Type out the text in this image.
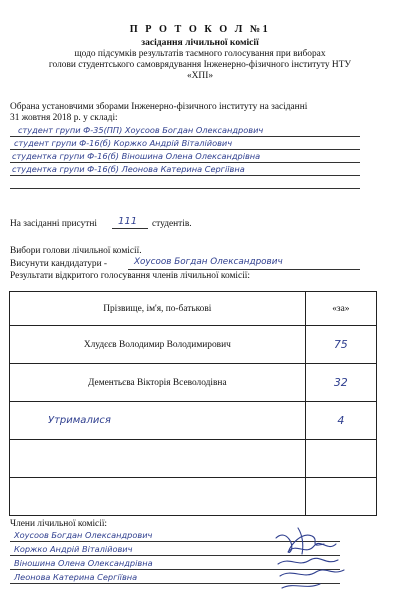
П Р О Т О К О Л №1
засідання лічильної комісії
щодо підсумків результатів таємного голосування при виборах
голови студентського самоврядування Інженерно-фізичного інституту НТУ
«ХПІ»
Обрана установчими зборами Інженерно-фізичного інституту на засіданні
31 жовтня 2018 р. у складі:
студент групи Ф-35(ПП) Хоусоов Богдан Олександрович
студент групи Ф-16(б) Коржко Андрій Віталійович
студентка групи Ф-16(б) Віношина Олена Олександрівна
студентка групи Ф-16(б) Леонова Катерина Сергіївна
На засіданні присутні 111 студентів.
Вибори голови лічильної комісії.
Висунути кандидатури -	Хоусоов Богдан Олександрович
Результати відкритого голосування членів лічильної комісії:
Прізвище, ім'я, по-батькові	«за»
Хлудєєв Володимир Володимирович	75
Дементьєва Вікторія Всеволодівна	32
Утрималися	4

Члени лічильної комісії:
Хоусоов Богдан Олександрович
Коржко Андрій Віталійович
Віношина Олена Олександрівна
Леонова Катерина Сергіївна
